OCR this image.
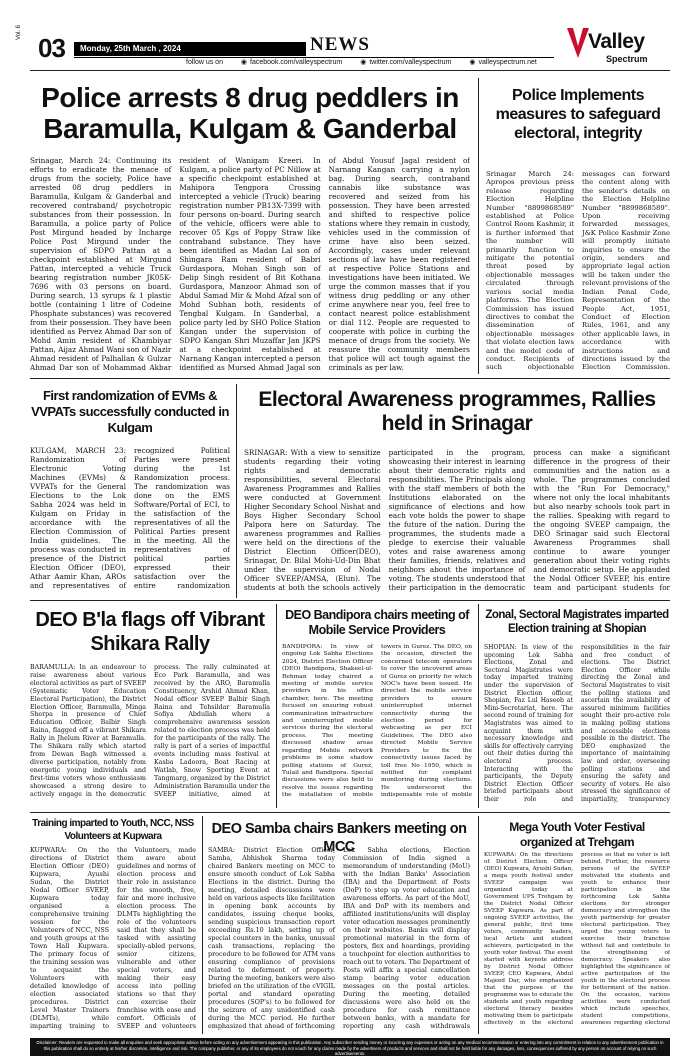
Vol. 6
03	Monday, 25th March , 2024	NEWS
follow us on	◉ facebook.com/valleyspectrum	◉ twitter.com/valleyspectrum	◉ valleyspectrum.net
Valley
Spectrum
Police arrests 8 drug peddlers in Baramulla, Kulgam & Ganderbal
Srinagar, March 24: Continuing its efforts to eradicate the menace of drugs from the society, Police have arrested 08 drug peddlers in Baramulla, Kulgam & Ganderbal and recovered contraband/ psychotropic substances from their possession. In Baramulla, a police party of Police Post Mirgund headed by Incharge Police Post Mirgund under the supervision of SDPO Pattan at a checkpoint established at Mirgund Pattan, intercepted a vehicle Truck bearing registration number JK05K-7696 with 03 persons on board. During search, 13 syrups & 1 plastic bottle (containing 1 litre of Codeine Phosphate substances) was recovered from their possession. They have been identified as Pervez Ahmad Dar son of Mohd Amin resident of Khambiyar Pattan, Aijaz Ahmad Wani son of Nazir Ahmad resident of Palhallan & Gulzar Ahmad Dar son of Mohammad Akbar resident of Wanigam Kreeri. In Kulgam, a police party of PC Nillow at a specific checkpoint established at Mahipora Tengpora Crossing intercepted a vehicle (Truck) bearing registration number PB13X-7399 with four persons on-board. During search of the vehicle, officers were able to recover 05 Kgs of Poppy Straw like contraband substance. They have been identified as Madan Lal son of Shingara Ram resident of Babri Gurdaspora, Mohan Singh son of Delip Singh resident of Bit Kothana Gurdaspora, Manzoor Ahmad son of Abdul Samad Mir & Mohd Afzal son of Mohd Subhan both, residents of Tengbal Kulgam. In Ganderbal, a police party led by SHO Police Station Kangan under the supervision of SDPO Kangan Shri Muzaffar Jan JKPS at a checkpoint established at Narnang Kangan intercepted a person identified as Mursed Ahmad Jagal son of Abdul Yousuf Jagal resident of Narnang Kangan carrying a nylon bag. During search, contraband cannabis like substance was recovered and seized from his possession. They have been arrested and shifted to respective police stations where they remain in custody, vehicles used in the commission of crime have also been seized. Accordingly, cases under relevant sections of law have been registered at respective Police Stations and investigations have been initiated. We urge the common masses that if you witness drug peddling or any other crime anywhere near you, feel free to contact nearest police establishment or dial 112. People are requested to cooperate with police in curbing the menace of drugs from the society. We reassure the community members that police will act tough against the criminals as per law.
Police Implements measures to safeguard electoral, integrity
Srinagar March 24: Apropos previous press release regarding Election Helpline Number "8899868589" established at Police Control Room Kashmir, it is further informed that the number will primarily function to mitigate the potential threat posed by objectionable messages circulated through various social media platforms. The Election Commission has issued directives to combat the dissemination of objectionable messages that violate election laws and the model code of conduct. Recipients of such objectionable messages can forward the content along with the sender's details on the Election Helpline Number "8899868589". Upon receiving forwarded messages, J&K Police Kashmir Zone will promptly initiate inquiries to ensure the origin, senders and appropriate legal action will be taken under the relevant provisions of the Indian Penal Code, Representation of the People Act, 1951, Conduct of Election Rules, 1961, and any other applicable laws, in accordance with instructions and directions issued by the Election Commission.
First randomization of EVMs & VVPATs successfully conducted in Kulgam
KULGAM, MARCH 23: Randomization of Electronic Voting Machines (EVMs) & VVPATs for the General Elections to the Lok Sabha 2024 was held in Kulgam on Friday in accordance with the Election Commission of India guidelines. The process was conducted in presence of the District Election Officer (DEO), Athar Aamir Khan, AROs and representatives of recognized Political Parties were present during the 1st Randomization process. The randomization was done on the EMS Software/Portal of ECI, to the satisfaction of the representatives of all the Political Parties present in the meeting. All the representatives of political parties expressed their satisfaction over the entire randomization
Electoral Awareness programmes, Rallies held in Srinagar
SRINAGAR: With a view to sensitize students regarding their voting rights and democratic responsibilities, several Electoral Awareness Programmes and Rallies were conducted at Government Higher Secondary School Nishat and Boys Higher Secondary School Palpora here on Saturday. The awareness programmes and Rallies were held on the directions of the District Election Officer(DEO), Srinagar, Dr. Bilal Mohi-Ud-Din Bhat under the supervision of Nodal Officer SVEEP/AMSA, (Elun). The students at both the schools actively participated in the program, showcasing their interest in learning about their democratic rights and responsibilities. The Principals along with the staff members of both the Institutions elaborated on the significance of elections and how each vote holds the power to shape the future of the nation. During the programmes, the students made a pledge to exercise their valuable votes and raise awareness among their families, friends, relatives and neighbors about the importance of voting. The students understood that their participation in the democratic process can make a significant difference in the progress of their communities and the nation as a whole. The programmes concluded with the "Run For Democracy," where not only the local inhabitants but also nearby schools took part in the rallies. Speaking with regard to the ongoing SVEEP campaign, the DEO Srinagar said such Electoral Awareness Programmes shall continue to aware younger generation about their voting rights and democratic setup. He applauded the Nodal Officer SVEEP, his entire team and participant students for
DEO B'la flags off Vibrant Shikara Rally
BARAMULLA: In an endeavour to raise awareness about various electoral activities as part of SVEEP (Systematic Voter Education Electoral Participation), the District Election Officer, Baramulla, Minga Sherpa in presence of Chief Education Officer, Balbir Singh Raina, flagged off a vibrant Shikara Rally in Jhelum River at Baramulla. The Shikara rally which started from Dewan Bagh witnessed a diverse participation, notably from energetic young individuals and first-time voters whose enthusiasm showcased a strong desire to actively engage in the democratic process. The rally culminated at Eco Park Baramulla, and was received by the ARO, Baramulla Constituency, Arshid Ahmad Khan, Nodal officer SVEEP Balbir Singh Raina and Tehsildar Baramulla Sofiya Abdullah where a comprehensive awareness session related to election process was held for the participants of the rally. The rally is part of a series of impactful events including mass festival at Kasba Ladoora, Boat Racing at Watlab, Snow Sporting Event at Tangmarg, organized by the District Administration Baramulla under the SVEEP initiative, aimed at
DEO Bandipora chairs meeting of Mobile Service Providers
BANDIPORA: In view of ongoing Lok Sabha Elections 2024, District Election Officer (DEO) Bandipora, Shakeel-ul-Rehman today chaired a meeting of mobile service providers in his office chamber, here. The meeting focused on ensuring robust communication infrastructure and uninterrupted mobile services during the electoral process. The meeting discussed shadow areas regarding Mobile network problems in some shadow polling stations of Gurez, Tulail and Bandipora. Special discussions were also held to resolve the issues regarding the installation of mobile towers in Gurez. The DEO, on the occasion, directed the concerned telecom operators to cover the uncovered areas of Gurez on priority for which NOC's have been issued. He directed the mobile service providers to ensure uninterrupted internet connectivity during the election period for webcasting as per ECI Guidelines. The DEO also directed Mobile Service Providers to fix the connectivity issues faced by toll free No 1950, which is notified for complaint monitoring during elections. He underscored the indispensable role of mobile
Zonal, Sectoral Magistrates imparted Election training at Shopian
SHOPIAN: In view of the upcoming Lok Sabha Elections, Zonal and Sectoral Magistrates were today imparted training under the supervision of District Election officer, Shopian, Faz Lul Haseeb at Mini-Secretariat, here. The second round of training for Magistrates was aimed to acquaint them with necessary knowledge and skills for effectively carrying out their duties during the electoral process. Interacting with the participants, the Deputy District Election Officer briefed participants about their role and responsibilities in the fair and free conduct of elections. The District Election Officer while directing the Zonal and Sectoral Magistrates to visit the polling stations and ascertain the availability of assured minimum facilities sought their pro-active role in making polling stations and accessible elections possible in the district. The DEO emphasized the importance of maintaining law and order, overseeing polling stations and ensuring the safety and security of voters. He also stressed the significance of impartiality, transparency
Training imparted to Youth, NCC, NSS Volunteers at Kupwara
KUPWARA: On the directions of District Election Officer (DEO) Kupwara, Ayushi Sudan, the District Nodal Officer SVEEP, Kupwara today organised a comprehensive training session for the Volunteers of NCC, NSS and youth groups at the Town Hall Kupwara. The primary focus of the training session was to acquaint the Volunteers with detailed knowledge of election associated procedures. District Level Master Trainers (DLMTs), while imparting training to the Volunteers, made them aware about guidelines and norms of election process and their role in assistance for the smooth, free, fair and more inclusive election process. The DLMTs highlighting the role of the volunteers said that they shall be tasked with assisting specially-abled persons, senior citizens, vulnerable and other special voters, and making their easy access into polling stations so that they can exercise their franchise with ease and comfort. Officials of SVEEP and volunteers
DEO Samba chairs Bankers meeting on MCC
SAMBA: District Election Officer, Samba, Abhishek Sharma today chaired Bankers meeting on MCC to ensure smooth conduct of Lok Sabha Elections in the district. During the meeting, detailed discussions were held on various aspects like facilitation in opening bank accounts by candidates, issuing cheque books, sending suspicious transaction report exceeding Rs.10 lakh, setting up of special counters in the banks, unusual cash transactions, replacing the procedure to be followed for ATM vans ensuring compliance of provisions related to deferment of property. During the meeting, bankers were also briefed on the utilization of the cVIGIL portal and standard operating procedures (SOP's) to be followed for the seizure of any unidentified cash during the MCC period. He further emphasized that ahead of forthcoming Lok Sabha elections, Election Commission of India signed a memorandum of understanding (MoU) with the Indian Banks' Association (IBA) and the Department of Posts (DoP) to step up voter education and awareness efforts. As part of the MoU, IBA and DoP with its members and affiliated institutions/units will display voter education messages prominently on their websites. Banks will display promotional material in the form of posters, flex and hoardings, providing a touchpoint for election authorities to reach out to voters. The Department of Posts will affix a special cancellation stamp bearing voter education messages on the postal articles. During the meeting, detailed discussions were also held on the procedure for cash remittance between banks, with a mandate for reporting any cash withdrawals
Mega Youth Voter Festival organized at Trehgam
KUPWARA: On the directions of District Election Officer (DEO) Kupwara, Ayushi Sudan, a mega youth festival under SVEEP campaign was organized today at Government UPS Trehgam by the District Nodal Officer SVEEP Kupwara. As part of ongoing SVEEP activities, the general public, first time voters, community leaders, local Artists and student achievers, participated in the youth voter festival. The event started with keynote address by District Nodal Officer SVEEP, CEO Kupwara, Abdul Majeed Dar, who emphasized that the purpose of the programme was to educate the students and youth regarding electoral literacy besides motivating them to participate effectively in the electoral process so that no voter is left behind. Further, the resource persons of the SVEEP motivated the students and youth to enhance their participation in the forthcoming Lok Sabha elections for stronger democracy and strengthen the youth partnership for greater electoral participation. They urged the young voters to exercise their franchise without fail and contribute to the strengthening of democracy. Speakers also highlighted the significance of active participation of the youth in the electoral process for betterment of the nation. On the occasion, various activities were conducted which include speeches, student competitions, awareness regarding electoral
Disclaimer: Readers are requested to make all enquiries and seek appropriate advice before acting on any advertisement appearing in this publication. Any subscriber sending money or incurring any expenses or acting on any medical recommendation or entering into any commitment in relation to any advertisement publication in this publication shall do so entirely at his/her discretion, intelligence and risk. The company publisher, or any of its employees do not vouch for any claims made by the advertisers of products and services and shall not be held liable for any damages, loss, consequences suffered by any person on account of relying on such advertisements.
